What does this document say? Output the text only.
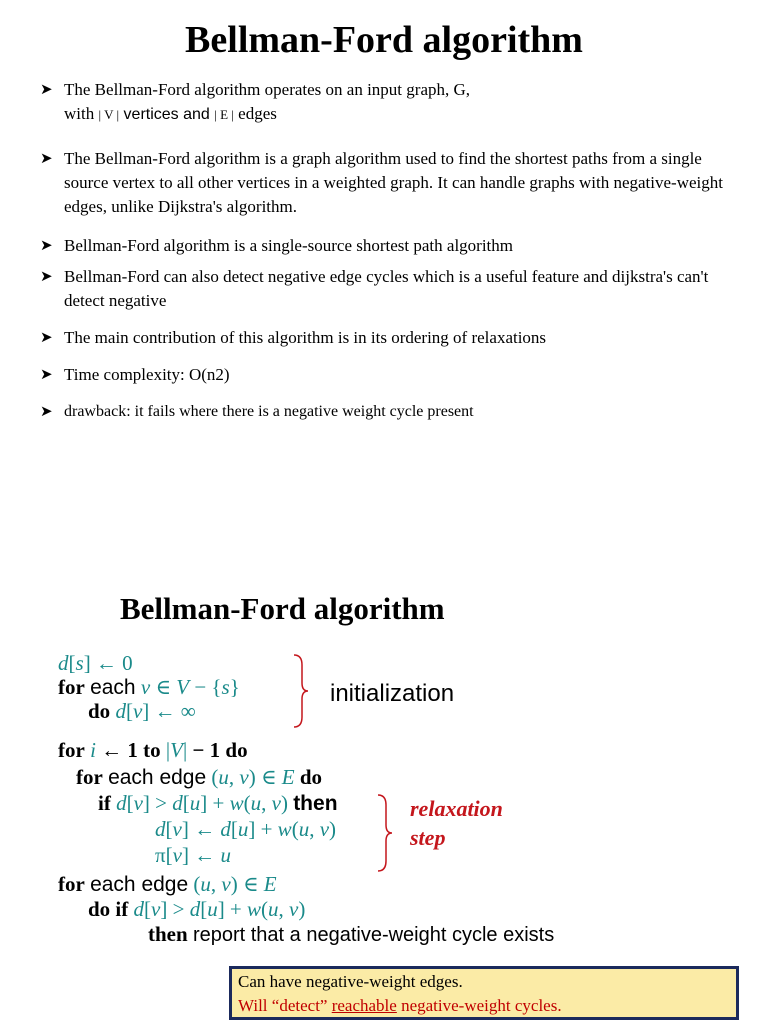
Bellman-Ford algorithm
➤ The Bellman-Ford algorithm operates on an input graph, G,
with | V | vertices and | E | edges
➤ The Bellman-Ford algorithm is a graph algorithm used to find the shortest paths from a single source vertex to all other vertices in a weighted graph. It can handle graphs with negative-weight edges, unlike Dijkstra's algorithm.
➤ Bellman-Ford algorithm is a single-source shortest path algorithm
➤ Bellman-Ford can also detect negative edge cycles which is a useful feature and dijkstra's can't detect negative
➤ The main contribution of this algorithm is in its ordering of relaxations
➤ Time complexity: O(n2)
➤ drawback: it fails where there is a negative weight cycle present
Bellman-Ford algorithm
d[s] ← 0
for each v ∈ V − {s}
do d[v] ← ∞
initialization
for i ← 1 to |V| − 1 do
for each edge (u, v) ∈ E do
if d[v] > d[u] + w(u, v) then
d[v] ← d[u] + w(u, v)
π[v] ← u
relaxation
step
for each edge (u, v) ∈ E
do if d[v] > d[u] + w(u, v)
then report that a negative-weight cycle exists
Can have negative-weight edges.
Will “detect” reachable negative-weight cycles.
